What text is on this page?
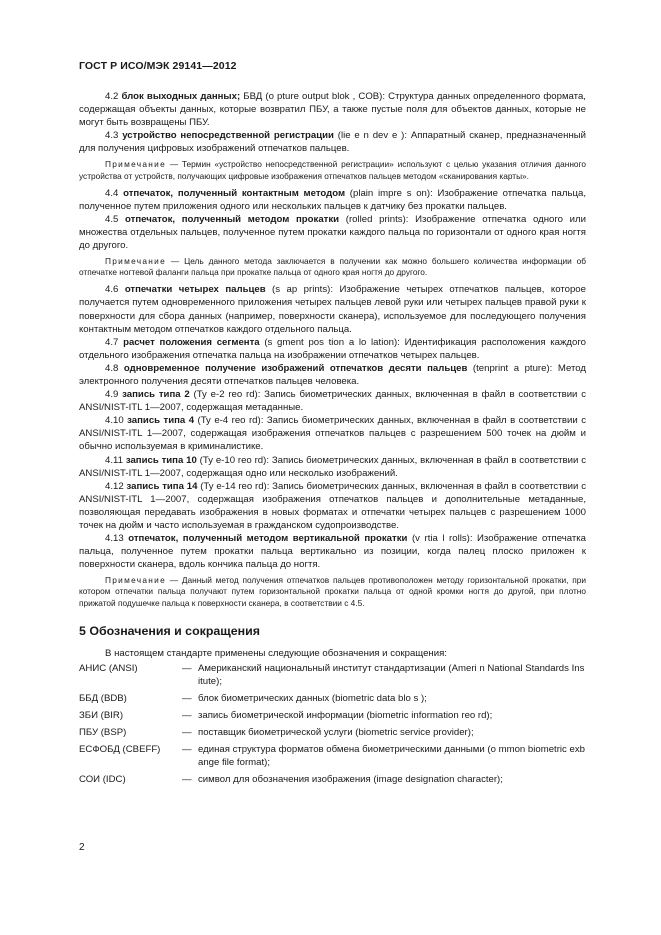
ГОСТ Р ИСО/МЭК 29141—2012

4.2 блок выходных данных; БВД (o pture output blok , COB): Структура данных определенного формата, содержащая объекты данных, которые возвратил ПБУ, а также пустые поля для объектов данных, которые не могут быть возвращены ПБУ.

4.3 устройство непосредственной регистрации (lie e n dev e ): Аппаратный сканер, предназначенный для получения цифровых изображений отпечатков пальцев.

Примечание — Термин «устройство непосредственной регистрации» используют с целью указания отличия данного устройства от устройств, получающих цифровые изображения отпечатков пальцев методом «сканирования карты».

4.4 отпечаток, полученный контактным методом (plain impre s on): Изображение отпечатка пальца, полученное путем приложения одного или нескольких пальцев к датчику без прокатки пальцев.

4.5 отпечаток, полученный методом прокатки (rolled prints): Изображение отпечатка одного или множества отдельных пальцев, полученное путем прокатки каждого пальца по горизонтали от одного края ногтя до другого.

Примечание — Цель данного метода заключается в получении как можно большего количества информации об отпечатке ногтевой фаланги пальца при прокатке пальца от одного края ногтя до другого.

4.6 отпечатки четырех пальцев (s ap prints): Изображение четырех отпечатков пальцев, которое получается путем одновременного приложения четырех пальцев левой руки или четырех пальцев правой руки к поверхности для сбора данных (например, поверхности сканера), используемое для последующего получения контактным методом отпечатков каждого отдельного пальца.

4.7 расчет положения сегмента (s gment pos tion a lo lation): Идентификация расположения каждого отдельного изображения отпечатка пальца на изображении отпечатков четырех пальцев.

4.8 одновременное получение изображений отпечатков десяти пальцев (tenprint a pture): Метод электронного получения десяти отпечатков пальцев человека.

4.9 запись типа 2 (Ty e-2 reo rd): Запись биометрических данных, включенная в файл в соответствии с ANSI/NIST-ITL 1—2007, содержащая метаданные.

4.10 запись типа 4 (Ty e-4 reo rd): Запись биометрических данных, включенная в файл в соответствии с ANSI/NIST-ITL 1—2007, содержащая изображения отпечатков пальцев с разрешением 500 точек на дюйм и обычно используемая в криминалистике.

4.11 запись типа 10 (Ty e-10 reo rd): Запись биометрических данных, включенная в файл в соответствии с ANSI/NIST-ITL 1—2007, содержащая одно или несколько изображений.

4.12 запись типа 14 (Ty e-14 reo rd): Запись биометрических данных, включенная в файл в соответствии с ANSI/NIST-ITL 1—2007, содержащая изображения отпечатков пальцев и дополнительные метаданные, позволяющая передавать изображения в новых форматах и отпечатки четырех пальцев с разрешением 1000 точек на дюйм и часто используемая в гражданском судопроизводстве.

4.13 отпечаток, полученный методом вертикальной прокатки (v rtia l rolls): Изображение отпечатка пальца, полученное путем прокатки пальца вертикально из позиции, когда палец плоско приложен к поверхности сканера, вдоль кончика пальца до ногтя.

Примечание — Данный метод получения отпечатков пальцев противоположен методу горизонтальной прокатки, при котором отпечатки пальца получают путем горизонтальной прокатки пальца от одной кромки ногтя до другой, при плотно прижатой подушечке пальца к поверхности сканера, в соответствии с 4.5.

5 Обозначения и сокращения

В настоящем стандарте применены следующие обозначения и сокращения:

АНИС (ANSI)	— Американский национальный институт стандартизации (Ameri n National Standards Ins itute);
ББД (BDB)	— блок биометрических данных (biometric data blo s );
ЗБИ (BIR)	— запись биометрической информации (biometric information reo rd);
ПБУ (BSP)	— поставщик биометрической услуги (biometric service provider);
ЕСФОБД (CBEFF)	— единая структура форматов обмена биометрическими данными (o mmon biometric exb ange file format);
СОИ (IDC)	— символ для обозначения изображения (image designation character);
2
